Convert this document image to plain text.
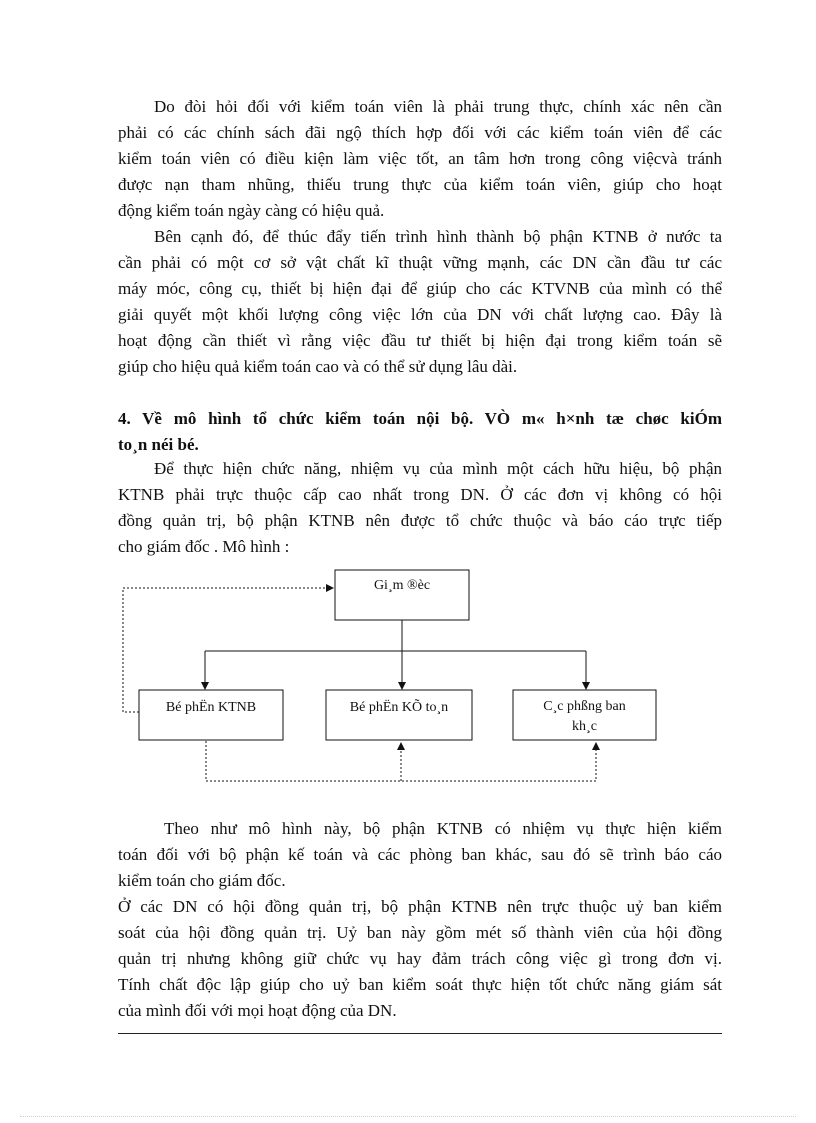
Do đòi hỏi đối với kiểm toán viên là phải trung thực, chính xác nên cần
phải có các chính sách đãi ngộ thích hợp đối với các kiểm toán viên để các
kiểm toán viên có điều kiện làm việc tốt, an tâm hơn trong công việcvà tránh
được nạn tham nhũng, thiếu trung thực của kiểm toán viên, giúp cho hoạt
động kiểm toán ngày càng có hiệu quả.
Bên cạnh đó, để thúc đẩy tiến trình hình thành bộ phận KTNB ở nước ta
cần phải có một cơ sở vật chất kĩ thuật vững mạnh, các DN cần đầu tư các
máy móc, công cụ, thiết bị hiện đại để giúp cho các KTVNB của mình có thể
giải quyết một khối lượng công việc lớn của DN với chất lượng cao. Đây là
hoạt động cần thiết vì rằng việc đầu tư thiết bị hiện đại trong kiểm toán sẽ
giúp cho hiệu quả kiểm toán cao và có thể sử dụng lâu dài.
4. Về mô hình tổ chức kiểm toán nội bộ. VÒ m« h×nh tæ chøc kiÓm
to¸n néi bé.
Để thực hiện chức năng, nhiệm vụ của mình một cách hữu hiệu, bộ phận
KTNB phải trực thuộc cấp cao nhất trong DN. Ở các đơn vị không có hội
đồng quản trị, bộ phận KTNB nên được tổ chức thuộc và báo cáo trực tiếp
cho giám đốc . Mô hình :
Gi¸m ®èc
Bé phËn KTNB	Bé phËn KÕ to¸n	C¸c phßng ban
kh¸c
Theo như mô hình này, bộ phận KTNB có nhiệm vụ thực hiện kiểm
toán đối với bộ phận kế toán và các phòng ban khác, sau đó sẽ trình báo cáo
kiểm toán cho giám đốc.
Ở các DN có hội đồng quản trị, bộ phận KTNB nên trực thuộc uỷ ban kiểm
soát của hội đồng quản trị. Uỷ ban này gồm mét số thành viên của hội đồng
quản trị nhưng không giữ chức vụ hay đảm trách công việc gì trong đơn vị.
Tính chất độc lập giúp cho uỷ ban kiểm soát thực hiện tốt chức năng giám sát
của mình đối với mọi hoạt động của DN.
